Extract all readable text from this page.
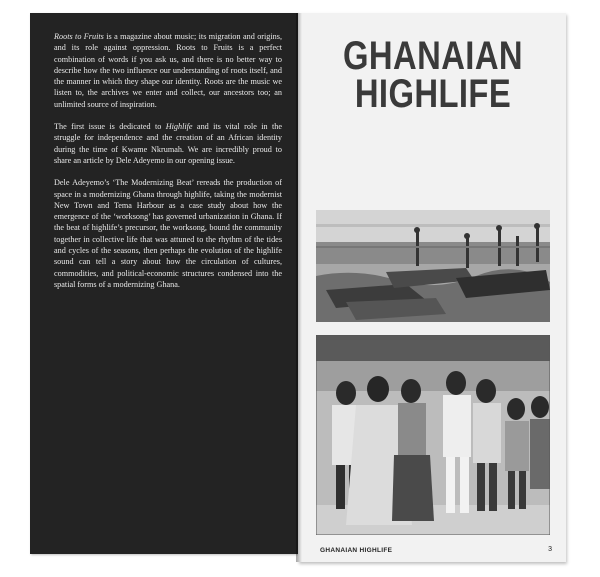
Roots to Fruits is a magazine about music; its migration and origins, and its role against oppression. Roots to Fruits is a perfect combination of words if you ask us, and there is no better way to describe how the two influence our understanding of roots itself, and the manner in which they shape our identity. Roots are the music we listen to, the archives we enter and collect, our ancestors too; an unlimited source of inspiration.

The first issue is dedicated to Highlife and its vital role in the struggle for independence and the creation of an African identity during the time of Kwame Nkrumah. We are incredibly proud to share an article by Dele Adeyemo in our opening issue.

Dele Adeyemo’s ‘The Modernizing Beat’ rereads the production of space in a modernizing Ghana through highlife, taking the modernist New Town and Tema Harbour as a case study about how the emergence of the ‘worksong’ has governed urbanization in Ghana. If the beat of highlife’s precursor, the worksong, bound the community together in collective life that was attuned to the rhythm of the tides and cycles of the seasons, then perhaps the evolution of the highlife sound can tell a story about how the circulation of cultures, commodities, and political-economic structures condensed into the spatial forms of a modernizing Ghana.

GHANAIAN
HIGHLIFE
GHANAIAN HIGHLIFE	3
